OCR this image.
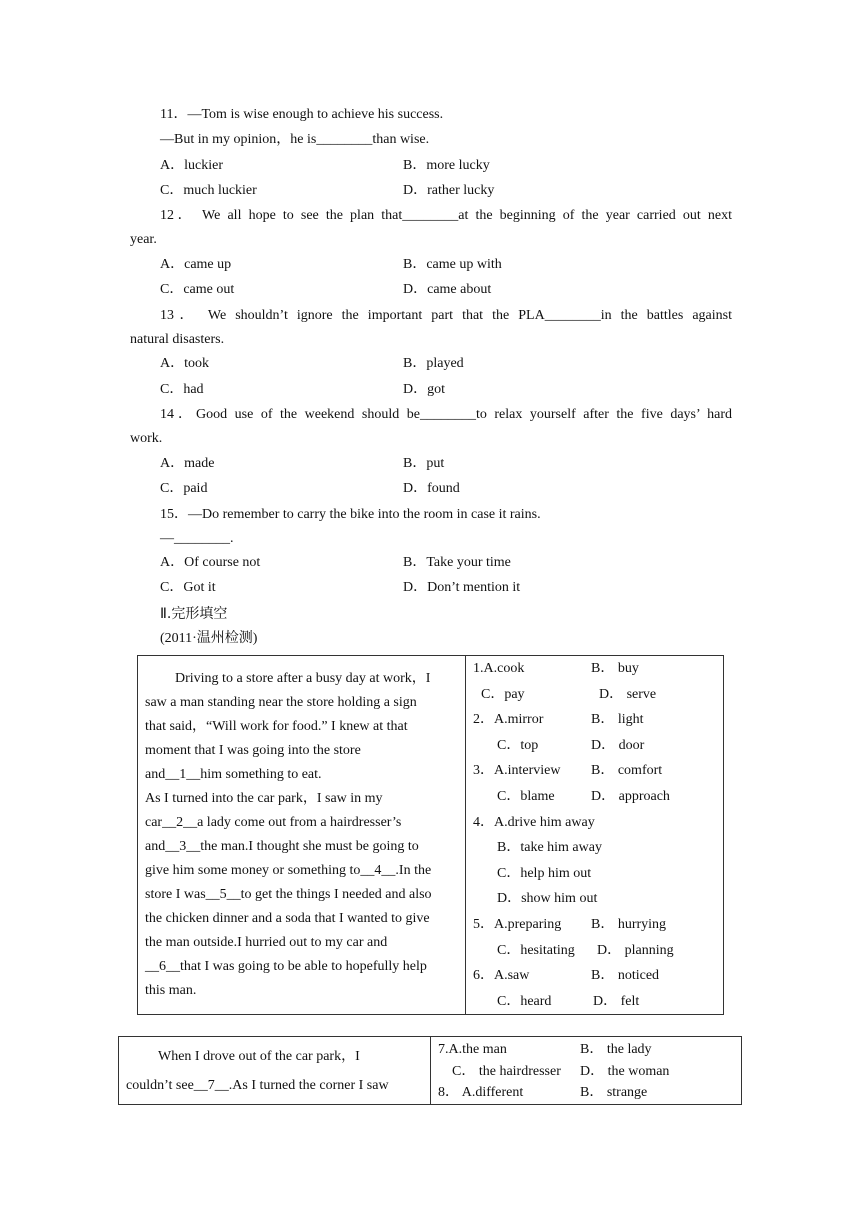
11．—Tom is wise enough to achieve his success.
—But in my opinion，he is________than wise.
A．luckier	B．more lucky
C．much luckier	D．rather lucky
12． We all hope to see the plan that________at the beginning of the year carried out next
year.
A．came up	B．came up with
C．came out	D．came about
13． We shouldn’t ignore the important part that the PLA________in the battles against
natural disasters.
A．took	B．played
C．had	D．got
14．Good use of the weekend should be________to relax yourself after the five days’ hard
work.
A．made	B．put
C．paid	D．found
15．—Do remember to carry the bike into the room in case it rains.
—________.
A．Of course not	B．Take your time
C．Got it	D．Don’t mention it
Ⅱ.完形填空
(2011·温州检测)

Driving to a store after a busy day at work，I

saw a man standing near the store holding a sign

that said，“Will work for food.” I knew at that

moment that I was going into the store

and__1__him something to eat.

As I turned into the car park，I saw in my

car__2__a lady come out from a hairdresser’s

and__3__the man.I thought she must be going to

give him some money or something to__4__.In the

store I was__5__to get the things I needed and also

the chicken dinner and a soda that I wanted to give

the man outside.I hurried out to my car and

__6__that I was going to be able to hopefully help

this man.

1.A.cook	B． buy
C．pay	D． serve
2．A.mirror	B． light
C．top	D． door
3．A.interview B． comfort
C．blame	D． approach
4．A.drive him away
B．take him away
C．help him out
D．show him out
5．A.preparing B． hurrying
C．hesitating D． planning
6．A.saw	B． noticed
C．heard	D． felt

When I drove out of the car park，I

couldn’t see__7__.As I turned the corner I saw

7.A.the man	B． the lady
C． the hairdresser D． the woman
8． A.different	B． strange
